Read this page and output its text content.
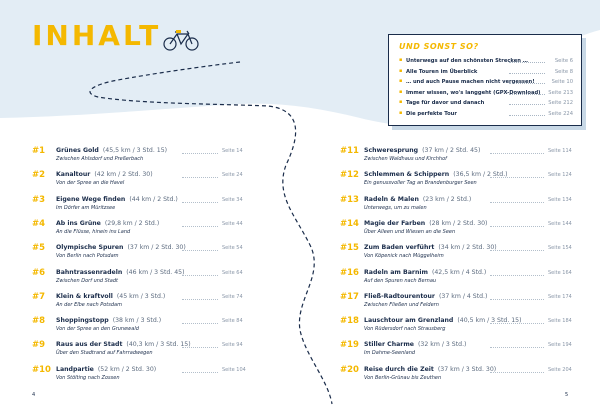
INHALT	UND SONST SO?
▪ Unterwegs auf den schönsten Strecken …	Seite 6
▪ Alle Touren im Überblick	Seite 8
▪ … und auch Pause machen nicht vergessen!	Seite 10
▪ Immer wissen, wo's langgeht (GPX-Download) Seite 213
▪ Tage für davor und danach	Seite 212
▪ Die perfekte Tour	Seite 224
#1 Grünes Gold (45,5 km / 3 Std. 15)	Seite 14
Zwischen Ahlsdorf und Preßerbach
#2 Kanaltour (42 km / 2 Std. 30)	Seite 24
Von der Spree an die Havel
#3 Eigene Wege finden (44 km / 2 Std.)	Seite 34
Im Dörfer am Müritzsee
#4 Ab ins Grüne (29,8 km / 2 Std.)	Seite 44
An die Flüsse, hinein ins Land
#5 Olympische Spuren (37 km / 2 Std. 30)	Seite 54
Von Berlin nach Potsdam
#6 Bahntrassenradeln (46 km / 3 Std. 45)	Seite 64
Zwischen Dorf und Stadt
#7 Klein & kraftvoll (45 km / 3 Std.)	Seite 74
An der Elbe nach Potsdam
#8 Shoppingstopp (38 km / 3 Std.)	Seite 84
Von der Spree an den Grunewald
#9 Raus aus der Stadt (40,3 km / 3 Std. 15)	Seite 94
Über den Stadtrand auf Fahrradwegen
#10 Landpartie (52 km / 2 Std. 30)	Seite 104
Von Stölting nach Zossen
#11 Schweresprung (37 km / 2 Std. 45)	Seite 114
Zwischen Waldhaus und Kirchhof
#12 Schlemmen & Schippern (36,5 km / 2 Std.)	Seite 124
Ein genussvoller Tag an Brandenburger Seen
#13 Radeln & Malen (23 km / 2 Std.)	Seite 134
Unterwegs, um zu malen
#14 Magie der Farben (28 km / 2 Std. 30)	Seite 144
Über Alleen und Wiesen an die Seen
#15 Zum Baden verführt (34 km / 2 Std. 30)	Seite 154
Von Köpenick nach Müggelheim
#16 Radeln am Barnim (42,5 km / 4 Std.)	Seite 164
Auf den Spuren nach Bernau
#17 Fließ-Radtourentour (37 km / 4 Std.)	Seite 174
Zwischen Fließen und Feldern
#18 Lauschtour am Grenzland (40,5 km / 3 Std. 15)	Seite 184
Von Rüdersdorf nach Strausberg
#19 Stiller Charme (32 km / 3 Std.)	Seite 194
Im Dahme-Seenland
#20 Reise durch die Zeit (37 km / 3 Std. 30)	Seite 204
Von Berlin-Grünau bis Zeuthen
4	5
